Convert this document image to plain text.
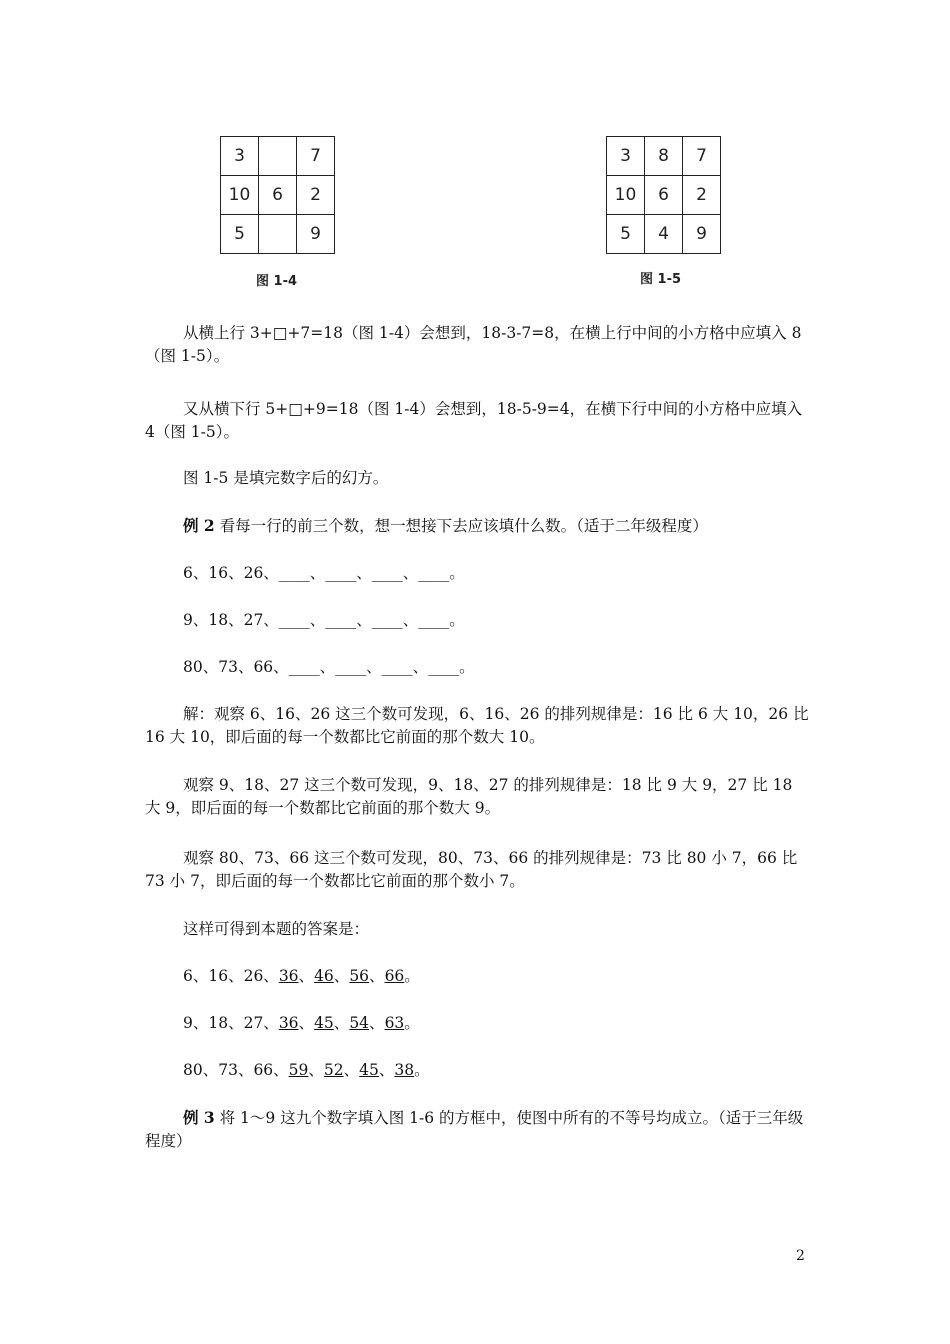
3		7
10	6	2
5		9
图 1-4
3	8	7
10	6	2
5	4	9
图 1-5
从横上行 3+□+7=18（图 1-4）会想到，18-3-7=8，在横上行中间的小方格中应填入 8（图 1-5）。
又从横下行 5+□+9=18（图 1-4）会想到，18-5-9=4，在横下行中间的小方格中应填入 4（图 1-5）。
图 1-5 是填完数字后的幻方。
例 2 看每一行的前三个数，想一想接下去应该填什么数。（适于二年级程度）
6、16、26、____、____、____、____。
9、18、27、____、____、____、____。
80、73、66、____、____、____、____。
解：观察 6、16、26 这三个数可发现，6、16、26 的排列规律是：16 比 6 大 10，26 比 16 大 10，即后面的每一个数都比它前面的那个数大 10。
观察 9、18、27 这三个数可发现，9、18、27 的排列规律是：18 比 9 大 9，27 比 18 大 9，即后面的每一个数都比它前面的那个数大 9。
观察 80、73、66 这三个数可发现，80、73、66 的排列规律是：73 比 80 小 7，66 比 73 小 7，即后面的每一个数都比它前面的那个数小 7。
这样可得到本题的答案是：
6、16、26、36、46、56、66。
9、18、27、36、45、54、63。
80、73、66、59、52、45、38。
例 3 将 1～9 这九个数字填入图 1-6 的方框中，使图中所有的不等号均成立。（适于三年级程度）
2
